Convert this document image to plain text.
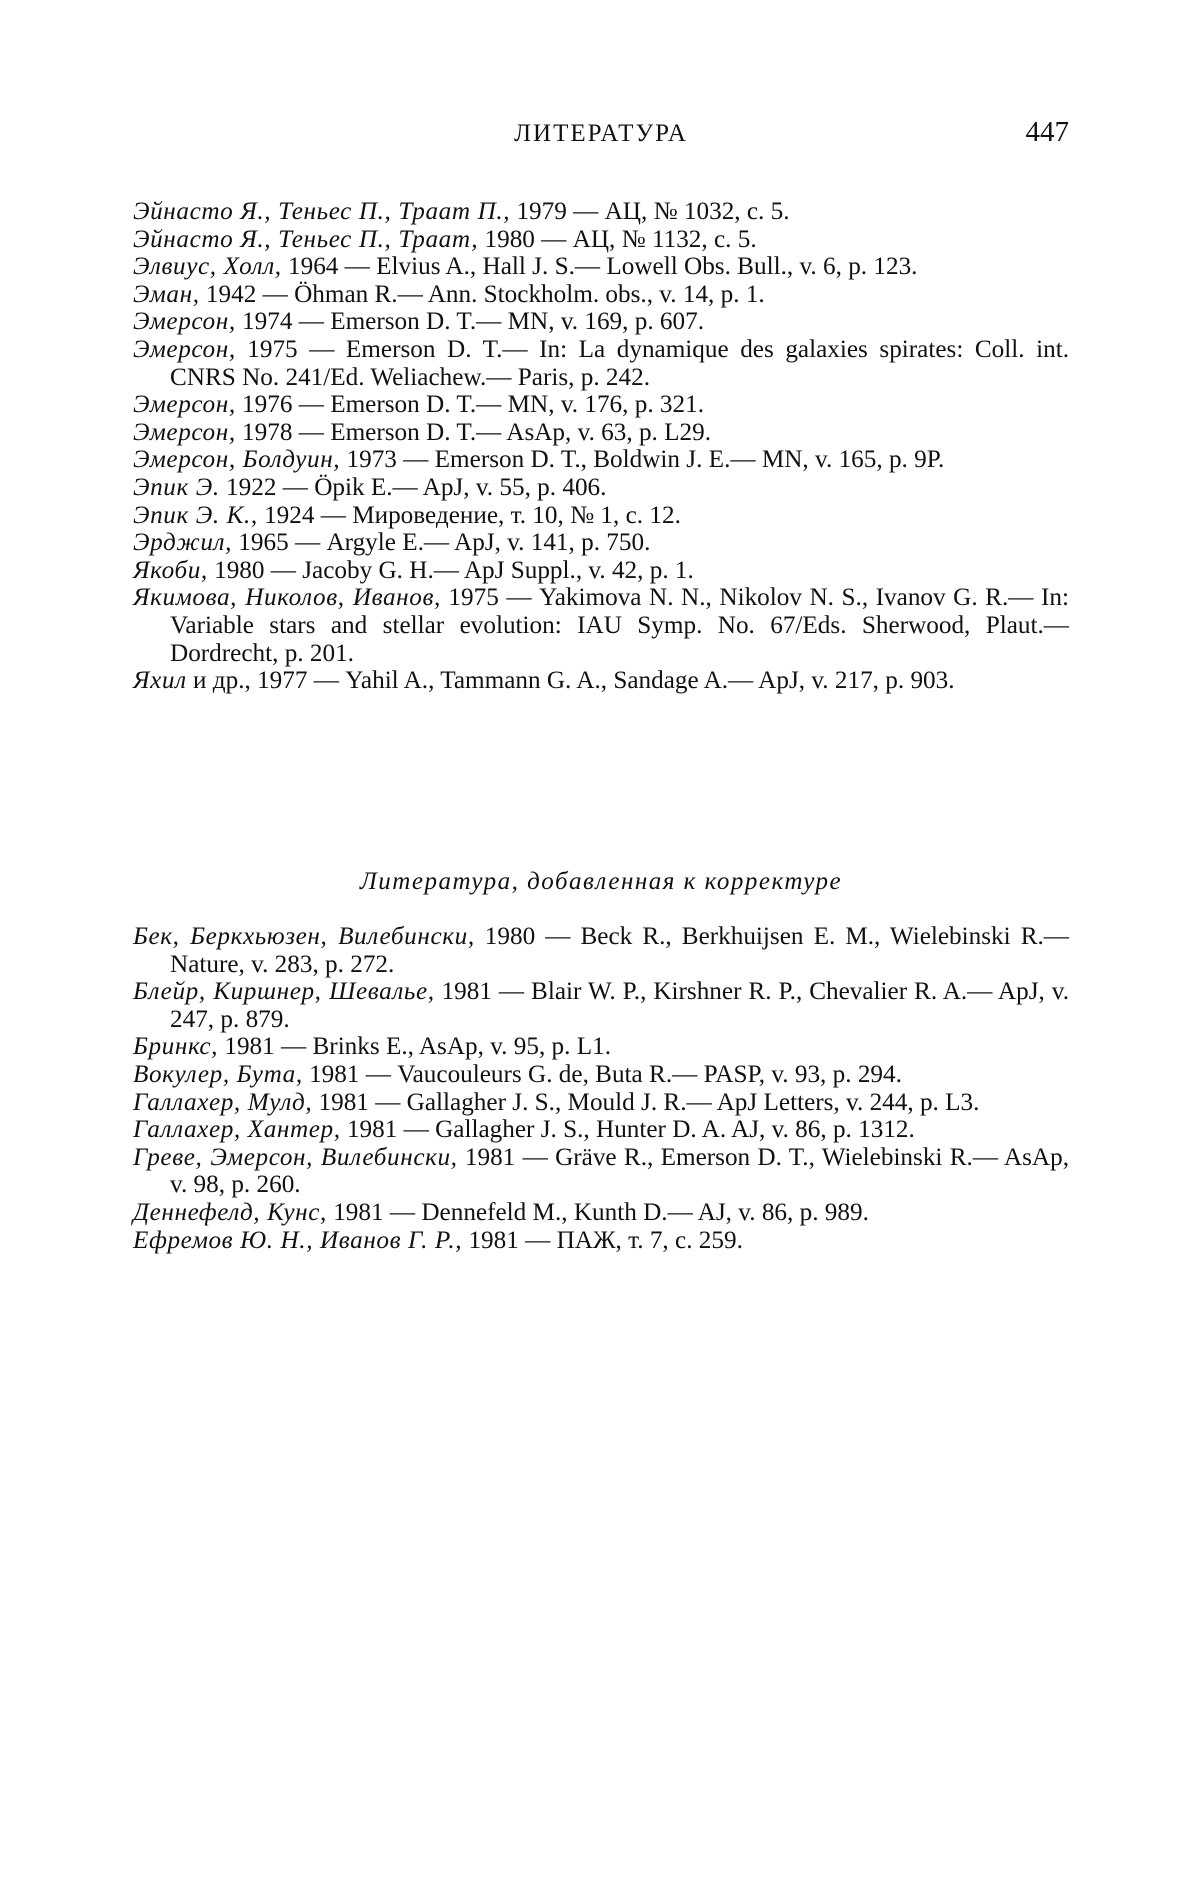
ЛИТЕРАТУРА	447

Эйнасто Я., Теньес П., Траат П., 1979 — АЦ, № 1032, с. 5.

Эйнасто Я., Теньес П., Траат, 1980 — АЦ, № 1132, с. 5.

Элвиус, Холл, 1964 — Elvius A., Hall J. S.— Lowell Obs. Bull., v. 6, p. 123.

Эман, 1942 — Öhman R.— Ann. Stockholm. obs., v. 14, p. 1.

Эмерсон, 1974 — Emerson D. T.— MN, v. 169, p. 607.

Эмерсон, 1975 — Emerson D. T.— In: La dynamique des galaxies spirates: Coll. int. CNRS No. 241/Ed. Weliachew.— Paris, p. 242.

Эмерсон, 1976 — Emerson D. T.— MN, v. 176, p. 321.

Эмерсон, 1978 — Emerson D. T.— AsAp, v. 63, p. L29.

Эмерсон, Болдуин, 1973 — Emerson D. T., Boldwin J. E.— MN, v. 165, p. 9P.

Эпик Э. 1922 — Öpik E.— ApJ, v. 55, p. 406.

Эпик Э. К., 1924 — Мироведение, т. 10, № 1, с. 12.

Эрджил, 1965 — Argyle E.— ApJ, v. 141, p. 750.

Якоби, 1980 — Jacoby G. H.— ApJ Suppl., v. 42, p. 1.

Якимова, Николов, Иванов, 1975 — Yakimova N. N., Nikolov N. S., Ivanov G. R.— In: Variable stars and stellar evolution: IAU Symp. No. 67/Eds. Sherwood, Plaut.— Dordrecht, p. 201.

Яхил и др., 1977 — Yahil A., Tammann G. A., Sandage A.— ApJ, v. 217, p. 903.

Литература, добавленная к корректуре

Бек, Беркхьюзен, Вилебински, 1980 — Beck R., Berkhuijsen E. M., Wielebinski R.— Nature, v. 283, p. 272.

Блейр, Киршнер, Шевалье, 1981 — Blair W. P., Kirshner R. P., Chevalier R. A.— ApJ, v. 247, p. 879.

Бринкс, 1981 — Brinks E., AsAp, v. 95, p. L1.

Вокулер, Бута, 1981 — Vaucouleurs G. de, Buta R.— PASP, v. 93, p. 294.

Галлахер, Мулд, 1981 — Gallagher J. S., Mould J. R.— ApJ Letters, v. 244, p. L3.

Галлахер, Хантер, 1981 — Gallagher J. S., Hunter D. A. AJ, v. 86, p. 1312.

Греве, Эмерсон, Вилебински, 1981 — Gräve R., Emerson D. T., Wielebinski R.— AsAp, v. 98, p. 260.

Деннефелд, Кунс, 1981 — Dennefeld M., Kunth D.— AJ, v. 86, p. 989.

Ефремов Ю. Н., Иванов Г. Р., 1981 — ПАЖ, т. 7, с. 259.
